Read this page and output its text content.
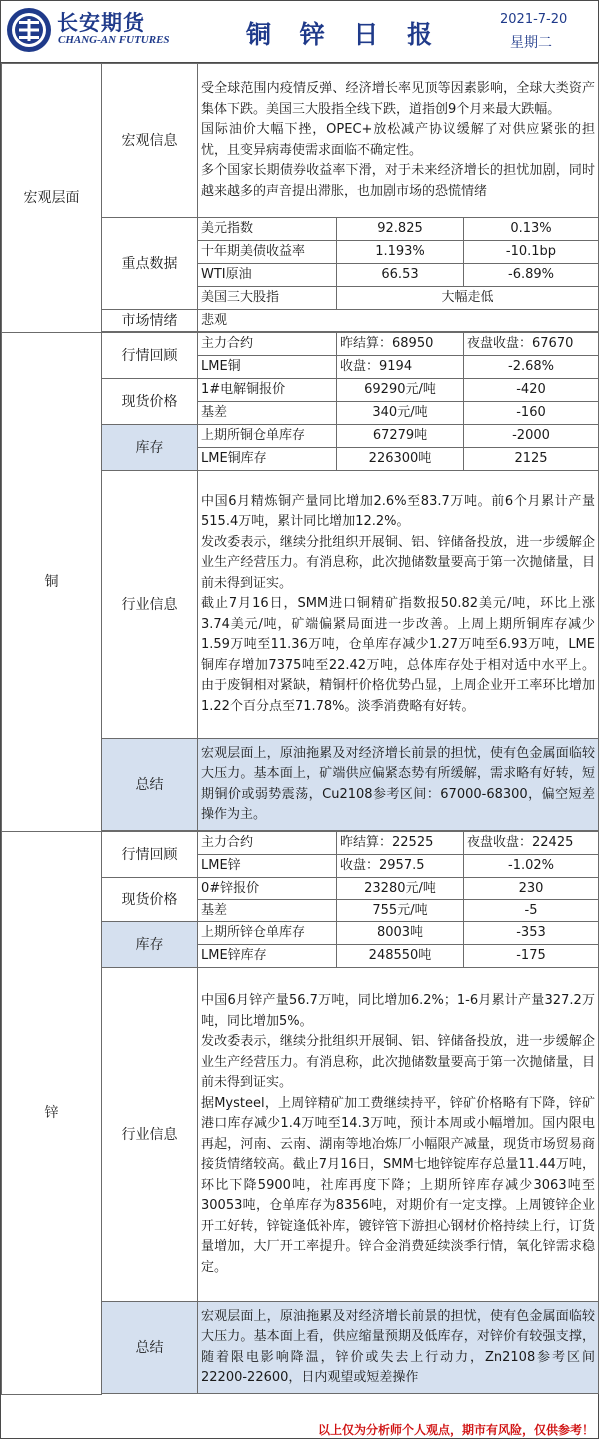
长安期货
CHANG-AN FUTURES	铜 锌 日 报
2021-7-20
星期二
宏观层面	宏观信息	受全球范围内疫情反弹、经济增长率见顶等因素影响，全球大类资产集体下跌。美国三大股指全线下跌，道指创9个月来最大跌幅。
国际油价大幅下挫，OPEC+放松减产协议缓解了对供应紧张的担忧，且变异病毒使需求面临不确定性。
多个国家长期债券收益率下滑，对于未来经济增长的担忧加剧，同时越来越多的声音提出滞胀，也加剧市场的恐慌情绪		

	重点数据	美元指数	92.825	0.13%
		十年期美债收益率	1.193%	-10.1bp
		WTI原油	66.53	-6.89%
		美国三大股指	大幅走低	
	市场情绪	悲观		

铜	行情回顾	主力合约	昨结算：68950	夜盘收盘：67670
		LME铜	收盘：9194	-2.68%
	现货价格	1#电解铜报价	69290元/吨	-420
		基差	340元/吨	-160
	库存	上期所铜仓单库存	67279吨	-2000
		LME铜库存	226300吨	2125
	行业信息	中国6月精炼铜产量同比增加2.6%至83.7万吨。前6个月累计产量515.4万吨，累计同比增加12.2%。
发改委表示，继续分批组织开展铜、铝、锌储备投放，进一步缓解企业生产经营压力。有消息称，此次抛储数量要高于第一次抛储量，目前未得到证实。
截止7月16日，SMM进口铜精矿指数报50.82美元/吨，环比上涨3.74美元/吨，矿端偏紧局面进一步改善。上周上期所铜库存减少1.59万吨至11.36万吨，仓单库存减少1.27万吨至6.93万吨，LME铜库存增加7375吨至22.42万吨，总体库存处于相对适中水平上。由于废铜相对紧缺，精铜杆价格优势凸显，上周企业开工率环比增加1.22个百分点至71.78%。淡季消费略有好转。		

	总结	宏观层面上，原油拖累及对经济增长前景的担忧，使有色金属面临较大压力。基本面上，矿端供应偏紧态势有所缓解，需求略有好转，短期铜价或弱势震荡，Cu2108参考区间：67000-68300，偏空短差操作为主。		

锌	行情回顾	主力合约	昨结算：22525	夜盘收盘：22425
		LME锌	收盘：2957.5	-1.02%
	现货价格	0#锌报价	23280元/吨	230
		基差	755元/吨	-5
	库存	上期所锌仓单库存	8003吨	-353
		LME锌库存	248550吨	-175
	行业信息	中国6月锌产量56.7万吨，同比增加6.2%；1-6月累计产量327.2万吨，同比增加5%。
发改委表示，继续分批组织开展铜、铝、锌储备投放，进一步缓解企业生产经营压力。有消息称，此次抛储数量要高于第一次抛储量，目前未得到证实。
据Mysteel，上周锌精矿加工费继续持平，锌矿价格略有下降，锌矿港口库存减少1.4万吨至14.3万吨，预计本周或小幅增加。国内限电再起，河南、云南、湖南等地冶炼厂小幅限产减量，现货市场贸易商接货情绪较高。截止7月16日，SMM七地锌锭库存总量11.44万吨，环比下降5900吨，社库再度下降；上期所锌库存减少3063吨至30053吨，仓单库存为8356吨，对期价有一定支撑。上周镀锌企业开工好转，锌锭逢低补库，镀锌管下游担心钢材价格持续上行，订货量增加，大厂开工率提升。锌合金消费延续淡季行情，氧化锌需求稳定。		

	总结	宏观层面上，原油拖累及对经济增长前景的担忧，使有色金属面临较大压力。基本面上看，供应缩量预期及低库存，对锌价有较强支撑，随着限电影响降温，锌价或失去上行动力，Zn2108参考区间22200-22600，日内观望或短差操作		

以上仅为分析师个人观点，期市有风险，仅供参考！
